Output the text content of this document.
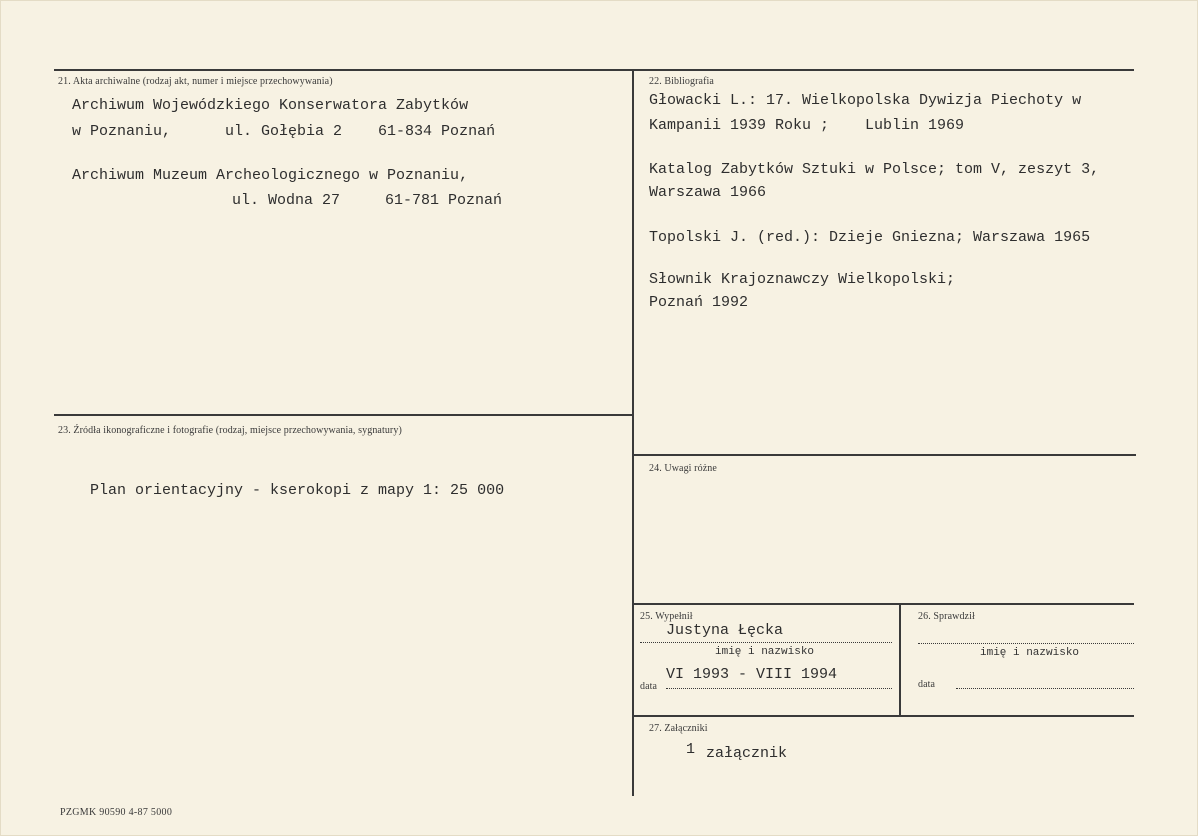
21. Akta archiwalne (rodzaj akt, numer i miejsce przechowywania)
Archiwum Wojewódzkiego Konserwatora Zabytków
w Poznaniu,      ul. Gołębia 2    61-834 Poznań
Archiwum Muzeum Archeologicznego w Poznaniu,
ul. Wodna 27     61-781 Poznań
22. Bibliografia
Głowacki L.: 17. Wielkopolska Dywizja Piechoty w
Kampanii 1939 Roku ;    Lublin 1969
Katalog Zabytków Sztuki w Polsce; tom V, zeszyt 3,
Warszawa 1966
Topolski J. (red.): Dzieje Gniezna; Warszawa 1965
Słownik Krajoznawczy Wielkopolski;
Poznań 1992
23. Źródła ikonograficzne i fotografie (rodzaj, miejsce przechowywania, sygnatury)
Plan orientacyjny - kserokopi z mapy 1: 25 000
24. Uwagi różne
25. Wypełnił
Justyna Łęcka
imię i nazwisko
data
VI 1993 - VIII 1994
26. Sprawdził
imię i nazwisko
data
27. Załączniki
1 załącznik
PZGMK 90590 4-87 5000
